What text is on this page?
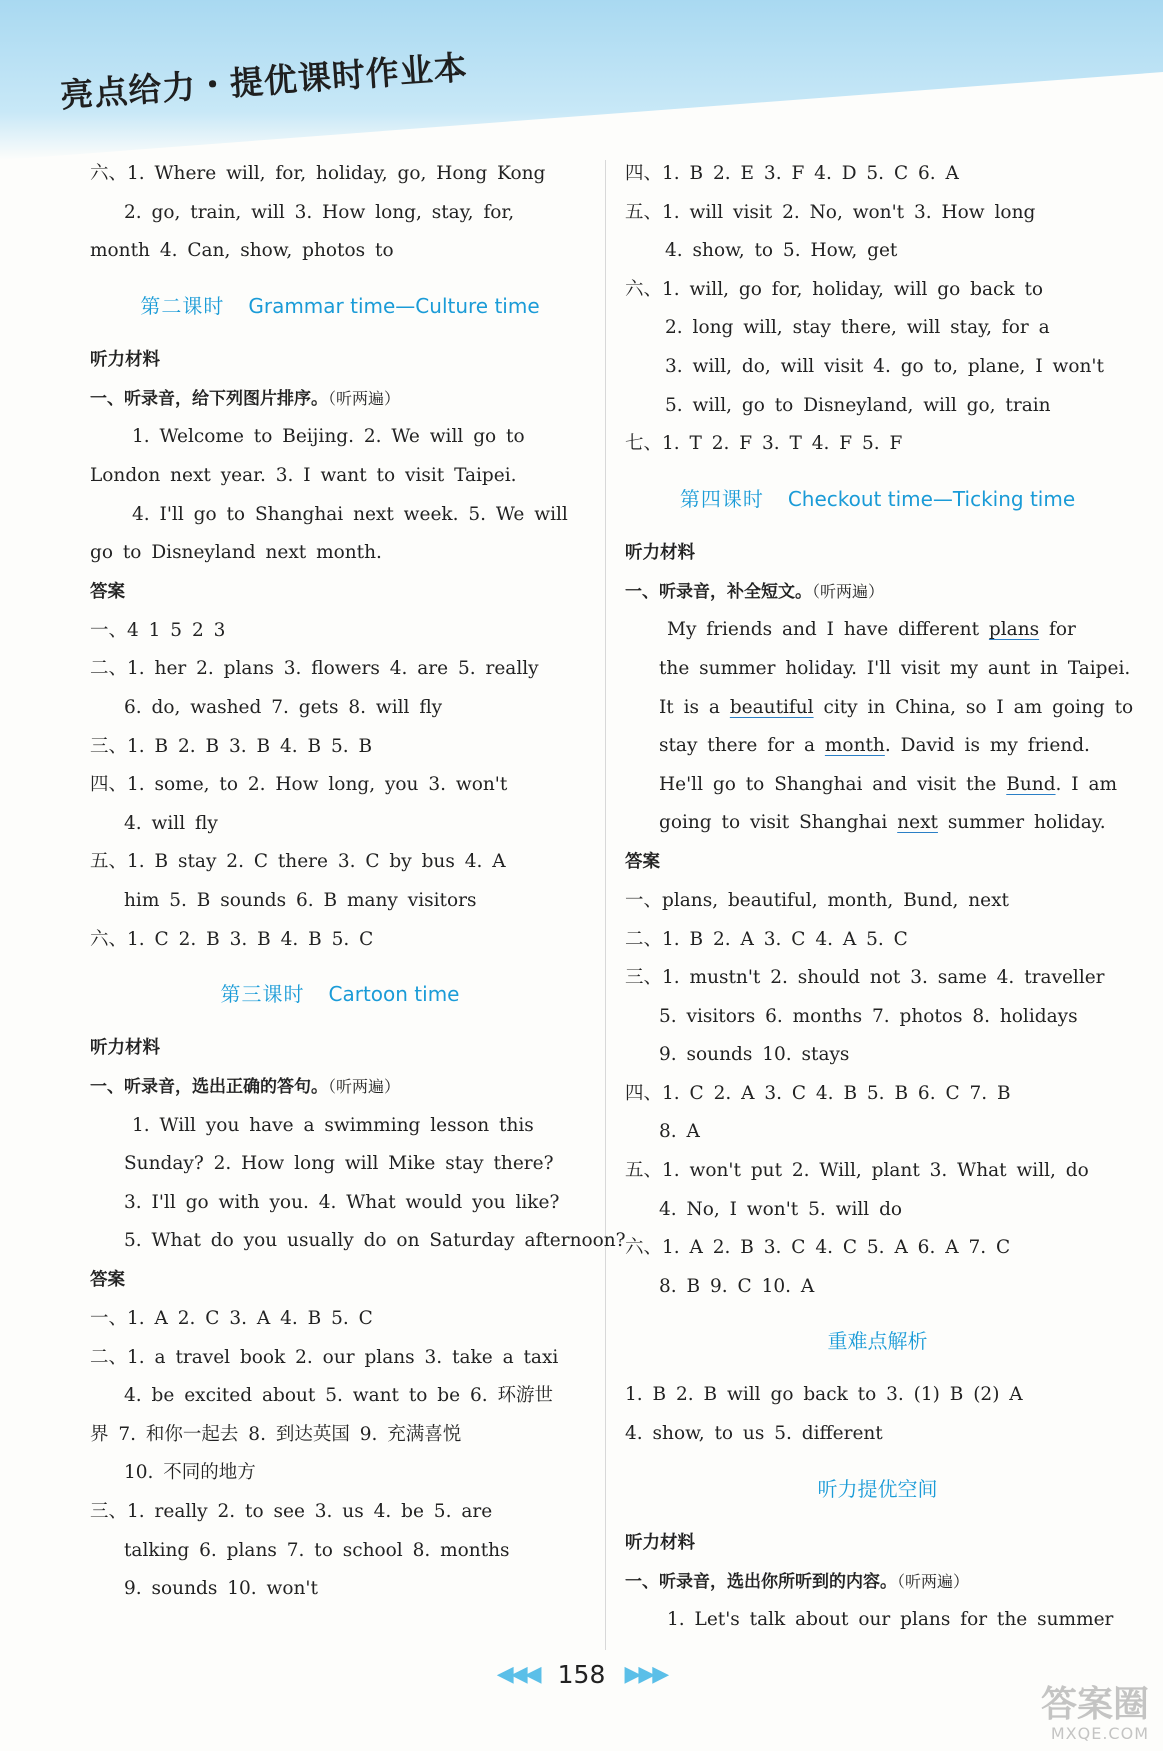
亮点给力・提优课时作业本
六、1. Where will, for, holiday, go, Hong Kong
2. go, train, will 3. How long, stay, for,
month 4. Can, show, photos to
第二课时 Grammar time—Culture time
听力材料
一、听录音，给下列图片排序。（听两遍）
1. Welcome to Beijing. 2. We will go to
London next year. 3. I want to visit Taipei.
4. I'll go to Shanghai next week. 5. We will
go to Disneyland next month.
答案
一、4 1 5 2 3
二、1. her 2. plans 3. flowers 4. are 5. really
6. do, washed 7. gets 8. will fly
三、1. B 2. B 3. B 4. B 5. B
四、1. some, to 2. How long, you 3. won't
4. will fly
五、1. B stay 2. C there 3. C by bus 4. A
him 5. B sounds 6. B many visitors
六、1. C 2. B 3. B 4. B 5. C
第三课时 Cartoon time
听力材料
一、听录音，选出正确的答句。（听两遍）
1. Will you have a swimming lesson this
Sunday? 2. How long will Mike stay there?
3. I'll go with you. 4. What would you like?
5. What do you usually do on Saturday afternoon?
答案
一、1. A 2. C 3. A 4. B 5. C
二、1. a travel book 2. our plans 3. take a taxi
4. be excited about 5. want to be 6. 环游世
界 7. 和你一起去 8. 到达英国 9. 充满喜悦
10. 不同的地方
三、1. really 2. to see 3. us 4. be 5. are
talking 6. plans 7. to school 8. months
9. sounds 10. won't
四、1. B 2. E 3. F 4. D 5. C 6. A
五、1. will visit 2. No, won't 3. How long
4. show, to 5. How, get
六、1. will, go for, holiday, will go back to
2. long will, stay there, will stay, for a
3. will, do, will visit 4. go to, plane, I won't
5. will, go to Disneyland, will go, train
七、1. T 2. F 3. T 4. F 5. F
第四课时 Checkout time—Ticking time
听力材料
一、听录音，补全短文。（听两遍）
My friends and I have different plans for
the summer holiday. I'll visit my aunt in Taipei.
It is a beautiful city in China, so I am going to
stay there for a month. David is my friend.
He'll go to Shanghai and visit the Bund. I am
going to visit Shanghai next summer holiday.
答案
一、plans, beautiful, month, Bund, next
二、1. B 2. A 3. C 4. A 5. C
三、1. mustn't 2. should not 3. same 4. traveller
5. visitors 6. months 7. photos 8. holidays
9. sounds 10. stays
四、1. C 2. A 3. C 4. B 5. B 6. C 7. B
8. A
五、1. won't put 2. Will, plant 3. What will, do
4. No, I won't 5. will do
六、1. A 2. B 3. C 4. C 5. A 6. A 7. C
8. B 9. C 10. A
重难点解析
1. B 2. B will go back to 3. (1) B (2) A
4. show, to us 5. different
听力提优空间
听力材料
一、听录音，选出你所听到的内容。（听两遍）
1. Let's talk about our plans for the summer
◀◀◀ 158 ▶▶▶
答案圈
MXQE.COM
